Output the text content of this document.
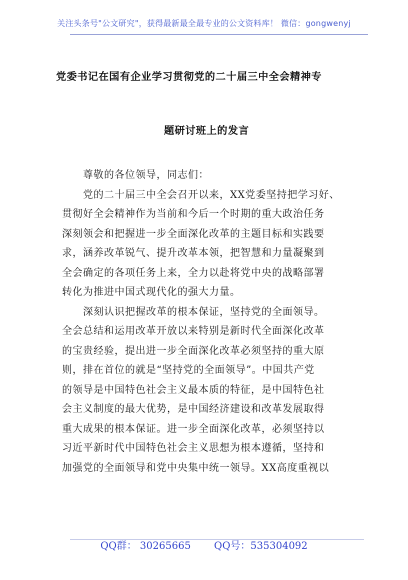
关注头条号"公文研究"，获得最新最全最专业的公文资料库！ 微信：gongwenyj
党委书记在国有企业学习贯彻党的二十届三中全会精神专
题研讨班上的发言
尊敬的各位领导，同志们：
党的二十届三中全会召开以来，XX党委坚持把学习好、
贯彻好全会精神作为当前和今后一个时期的重大政治任务
深刻领会和把握进一步全面深化改革的主题目标和实践要
求，涵养改革锐气、提升改革本领，把智慧和力量凝聚到
全会确定的各项任务上来，全力以赴将党中央的战略部署
转化为推进中国式现代化的强大力量。
深刻认识把握改革的根本保证，坚持党的全面领导。
全会总结和运用改革开放以来特别是新时代全面深化改革
的宝贵经验，提出进一步全面深化改革必须坚持的重大原
则，排在首位的就是“坚持党的全面领导”。中国共产党
的领导是中国特色社会主义最本质的特征，是中国特色社
会主义制度的最大优势，是中国经济建设和改革发展取得
重大成果的根本保证。进一步全面深化改革，必须坚持以
习近平新时代中国特色社会主义思想为根本遵循，坚持和
加强党的全面领导和党中央集中统一领导。XX高度重视以
QQ群： 30265665 QQ号：535304092
